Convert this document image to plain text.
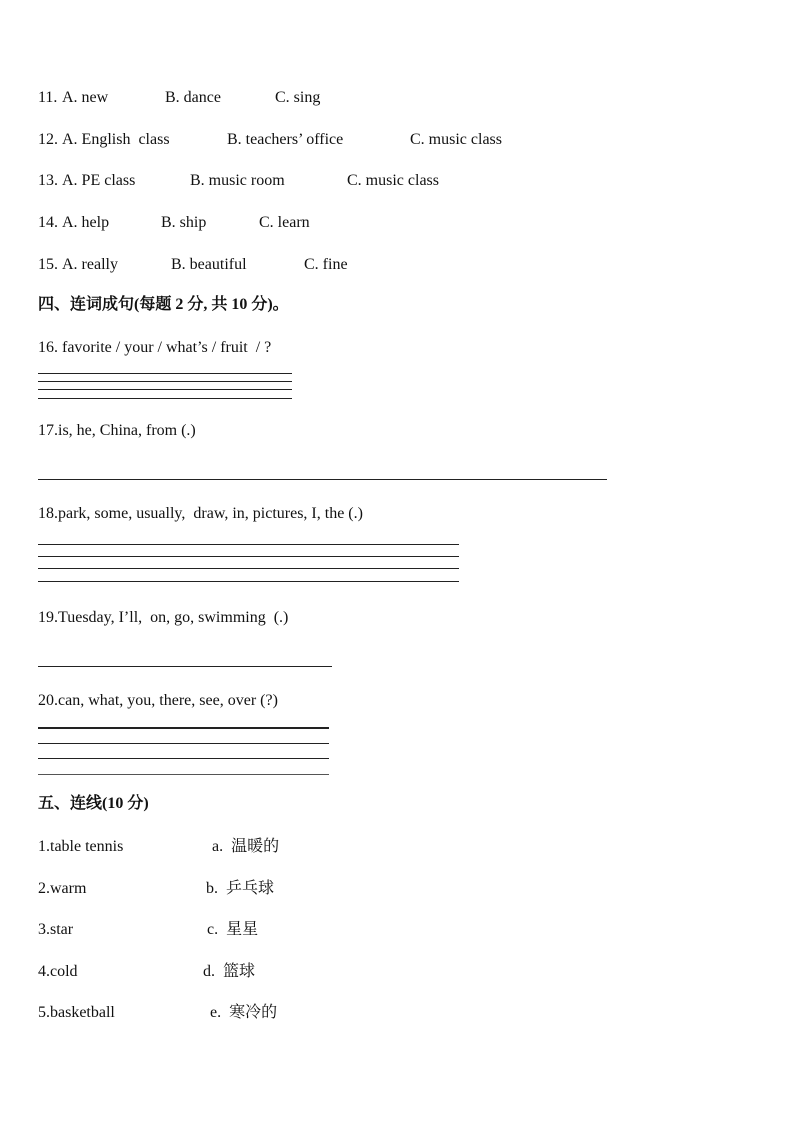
11. A. new	B. dance	C. sing
12. A. English  class	B. teachers’ office	C. music class
13. A. PE class	B. music room	C. music class
14. A. help	B. ship	C. learn
15. A. really	B. beautiful	C. fine
四、连词成句(每题 2 分, 共 10 分)。
16. favorite / your / what’s / fruit  / ?
17.is, he, China, from (.)
18.park, some, usually,  draw, in, pictures, I, the (.)
19.Tuesday, I’ll,  on, go, swimming  (.)
20.can, what, you, there, see, over (?)
五、连线(10 分)
1.table tennis	a.  温暖的
2.warm	b.  乒乓球
3.star	c.  星星
4.cold	d.  篮球
5.basketball	e.  寒冷的
